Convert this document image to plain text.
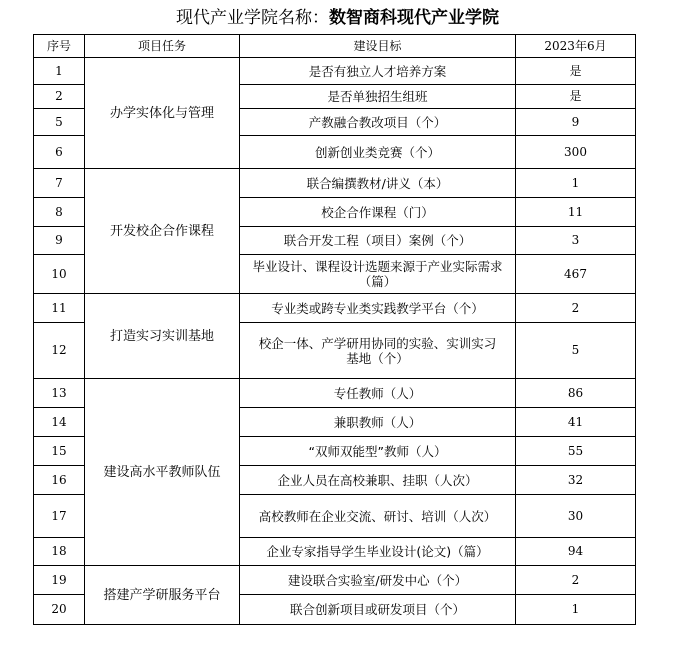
现代产业学院名称：数智商科现代产业学院
序号	项目任务	建设目标	2023年6月
1	办学实体化与管理	是否有独立人才培养方案	是
2		是否单独招生组班	是
5		产教融合教改项目（个）	9
6		创新创业类竞赛（个）	300
7	开发校企合作课程	联合编撰教材/讲义（本）	1
8		校企合作课程（门）	11
9		联合开发工程（项目）案例（个）	3
10		毕业设计、课程设计选题来源于产业实际需求（篇）	467
11	打造实习实训基地	专业类或跨专业类实践教学平台（个）	2
12		校企一体、产学研用协同的实验、实训实习
基地（个）	5
13	建设高水平教师队伍	专任教师（人）	86
14		兼职教师（人）	41
15		“双师双能型”教师（人）	55
16		企业人员在高校兼职、挂职（人次）	32
17		高校教师在企业交流、研讨、培训（人次）	30
18		企业专家指导学生毕业设计(论文)（篇）	94
19	搭建产学研服务平台	建设联合实验室/研发中心（个）	2
20		联合创新项目或研发项目（个）	1
